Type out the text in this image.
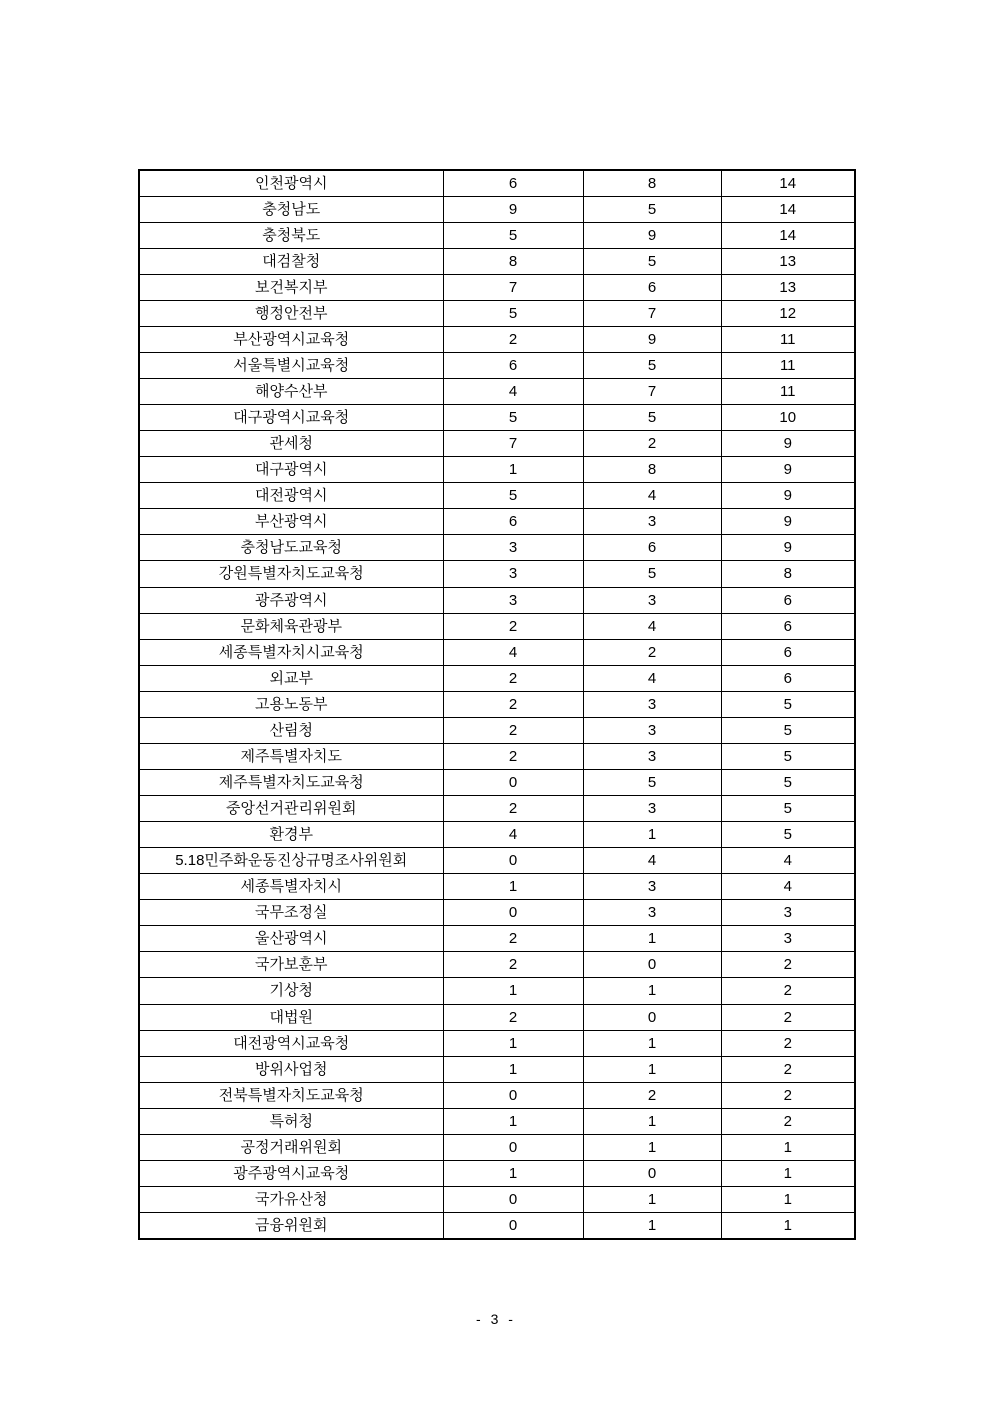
인천광역시	6	8	14
충청남도	9	5	14
충청북도	5	9	14
대검찰청	8	5	13
보건복지부	7	6	13
행정안전부	5	7	12
부산광역시교육청	2	9	11
서울특별시교육청	6	5	11
해양수산부	4	7	11
대구광역시교육청	5	5	10
관세청	7	2	9
대구광역시	1	8	9
대전광역시	5	4	9
부산광역시	6	3	9
충청남도교육청	3	6	9
강원특별자치도교육청	3	5	8
광주광역시	3	3	6
문화체육관광부	2	4	6
세종특별자치시교육청	4	2	6
외교부	2	4	6
고용노동부	2	3	5
산림청	2	3	5
제주특별자치도	2	3	5
제주특별자치도교육청	0	5	5
중앙선거관리위원회	2	3	5
환경부	4	1	5
5.18민주화운동진상규명조사위원회	0	4	4
세종특별자치시	1	3	4
국무조정실	0	3	3
울산광역시	2	1	3
국가보훈부	2	0	2
기상청	1	1	2
대법원	2	0	2
대전광역시교육청	1	1	2
방위사업청	1	1	2
전북특별자치도교육청	0	2	2
특허청	1	1	2
공정거래위원회	0	1	1
광주광역시교육청	1	0	1
국가유산청	0	1	1
금융위원회	0	1	1
- 3 -
